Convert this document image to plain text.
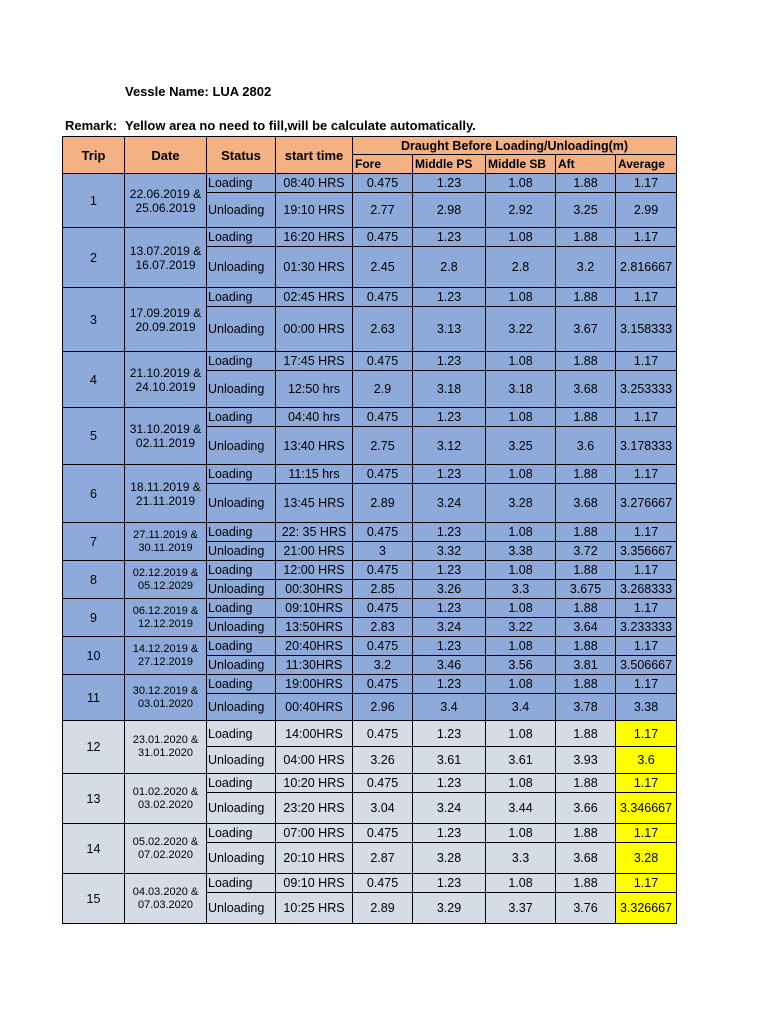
Vessle Name: LUA 2802
Remark: Yellow area no need to fill,will be calculate automatically.
Trip	Date	Status	start time	Draught Before Loading/Unloading(m)				
				Fore	Middle PS	Middle SB	Aft	Average
1	22.06.2019 & 25.06.2019	Loading	08:40 HRS	0.475	1.23	1.08	1.88	1.17
		Unloading	19:10 HRS	2.77	2.98	2.92	3.25	2.99
2	13.07.2019 & 16.07.2019	Loading	16:20 HRS	0.475	1.23	1.08	1.88	1.17
		Unloading	01:30 HRS	2.45	2.8	2.8	3.2	2.816667
3	17.09.2019 & 20.09.2019	Loading	02:45 HRS	0.475	1.23	1.08	1.88	1.17
		Unloading	00:00 HRS	2.63	3.13	3.22	3.67	3.158333
4	21.10.2019 & 24.10.2019	Loading	17:45 HRS	0.475	1.23	1.08	1.88	1.17
		Unloading	12:50 hrs	2.9	3.18	3.18	3.68	3.253333
5	31.10.2019 & 02.11.2019	Loading	04:40 hrs	0.475	1.23	1.08	1.88	1.17
		Unloading	13:40 HRS	2.75	3.12	3.25	3.6	3.178333
6	18.11.2019 & 21.11.2019	Loading	11:15 hrs	0.475	1.23	1.08	1.88	1.17
		Unloading	13:45 HRS	2.89	3.24	3.28	3.68	3.276667
7	27.11.2019 & 30.11.2019	Loading	22: 35 HRS	0.475	1.23	1.08	1.88	1.17
		Unloading	21:00 HRS	3	3.32	3.38	3.72	3.356667
8	02.12.2019 & 05.12.2029	Loading	12:00 HRS	0.475	1.23	1.08	1.88	1.17
		Unloading	00:30HRS	2.85	3.26	3.3	3.675	3.268333
9	06.12.2019 & 12.12.2019	Loading	09:10HRS	0.475	1.23	1.08	1.88	1.17
		Unloading	13:50HRS	2.83	3.24	3.22	3.64	3.233333
10	14.12.2019 & 27.12.2019	Loading	20:40HRS	0.475	1.23	1.08	1.88	1.17
		Unloading	11:30HRS	3.2	3.46	3.56	3.81	3.506667
11	30.12.2019 & 03.01.2020	Loading	19:00HRS	0.475	1.23	1.08	1.88	1.17
		Unloading	00:40HRS	2.96	3.4	3.4	3.78	3.38
12	23.01.2020 & 31.01.2020	Loading	14:00HRS	0.475	1.23	1.08	1.88	1.17
		Unloading	04:00 HRS	3.26	3.61	3.61	3.93	3.6
13	01.02.2020 & 03.02.2020	Loading	10:20 HRS	0.475	1.23	1.08	1.88	1.17
		Unloading	23:20 HRS	3.04	3.24	3.44	3.66	3.346667
14	05.02.2020 & 07.02.2020	Loading	07:00 HRS	0.475	1.23	1.08	1.88	1.17
		Unloading	20:10 HRS	2.87	3.28	3.3	3.68	3.28
15	04.03.2020 & 07.03.2020	Loading	09:10 HRS	0.475	1.23	1.08	1.88	1.17
		Unloading	10:25 HRS	2.89	3.29	3.37	3.76	3.326667
